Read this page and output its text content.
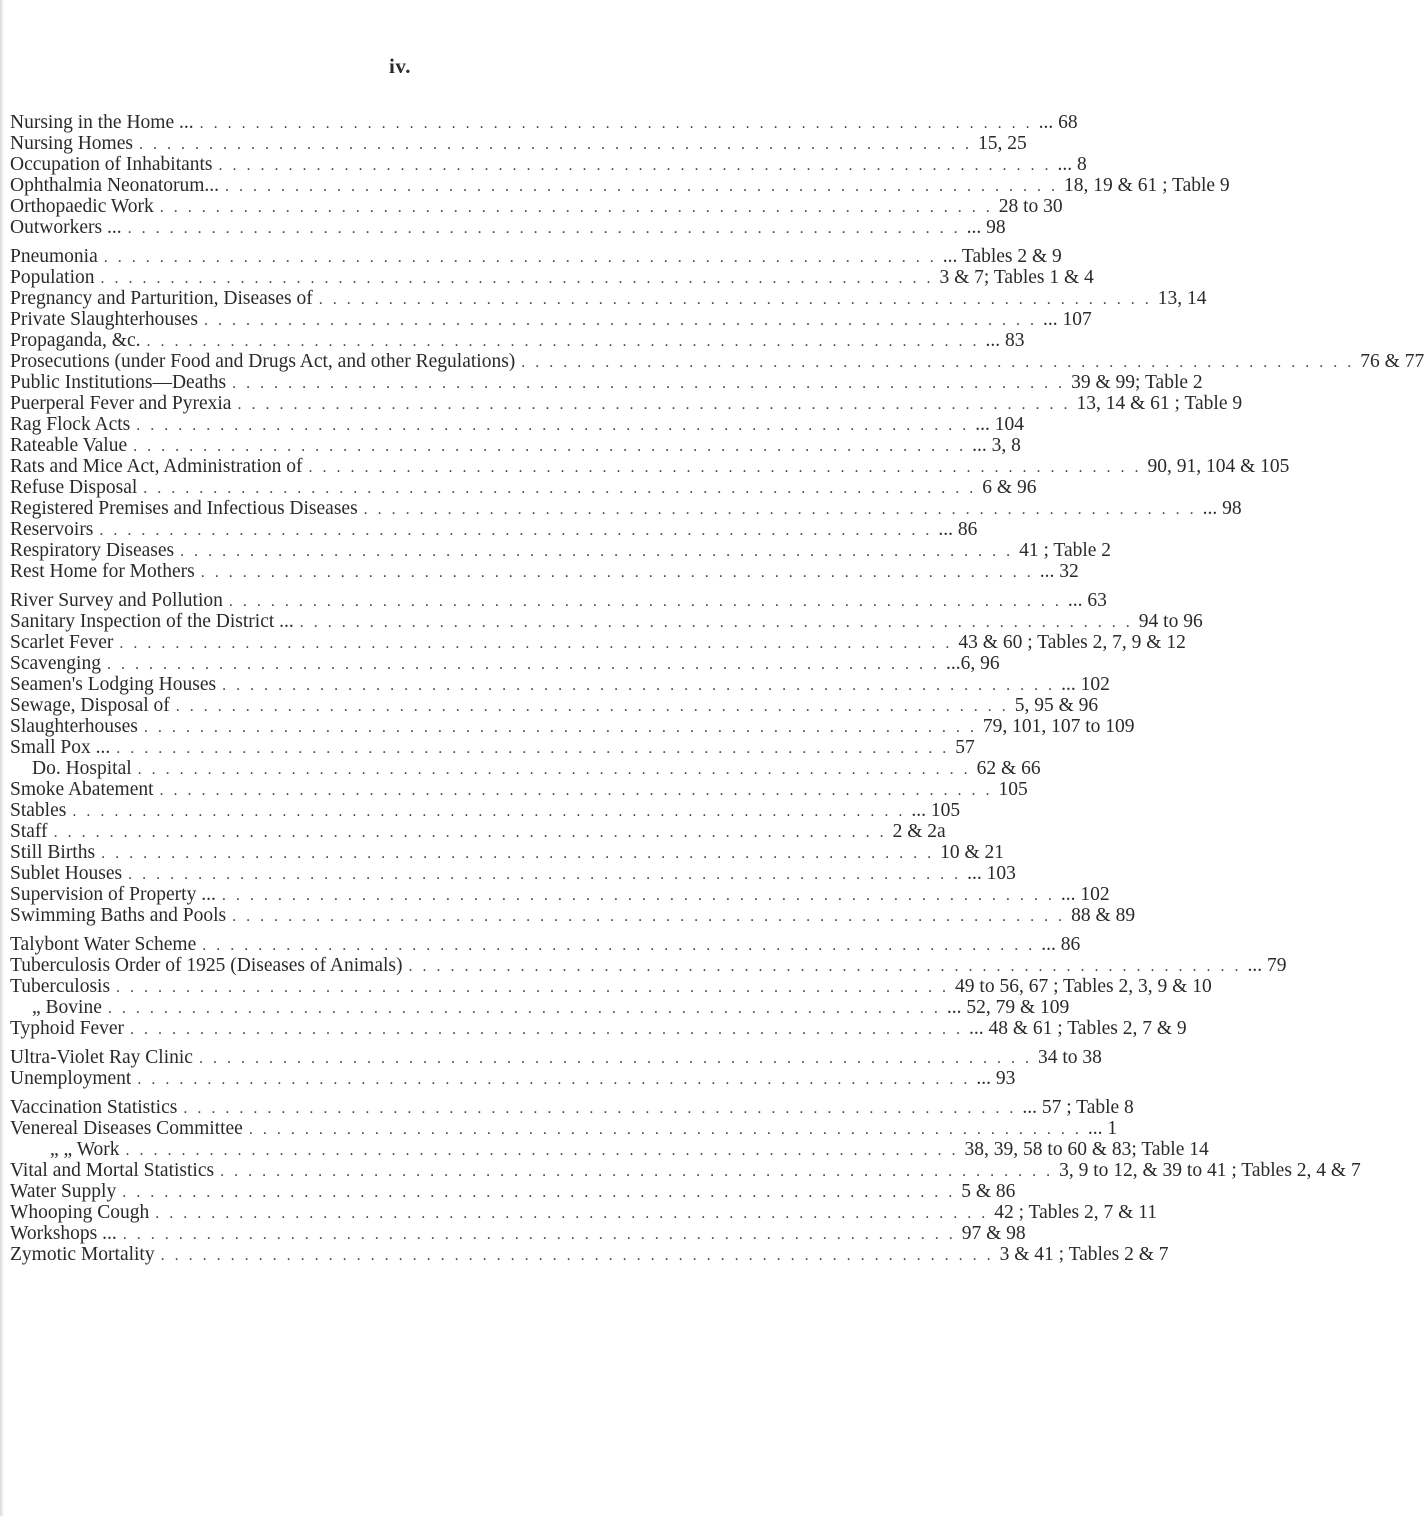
iv.
Nursing in the Home ... . . . . . . . . . . . . . . . . . . . . . . . . . . . . . . . . . . . . . . . . . . . . . . . . . . . . . . . . . . . . ... 68
Nursing Homes . . . . . . . . . . . . . . . . . . . . . . . . . . . . . . . . . . . . . . . . . . . . . . . . . . . . . . . . . . . . 15, 25
Occupation of Inhabitants . . . . . . . . . . . . . . . . . . . . . . . . . . . . . . . . . . . . . . . . . . . . . . . . . . . . . . . . . . . . ... 8
Ophthalmia Neonatorum... . . . . . . . . . . . . . . . . . . . . . . . . . . . . . . . . . . . . . . . . . . . . . . . . . . . . . . . . . . . . 18, 19 & 61 ; Table 9
Orthopaedic Work . . . . . . . . . . . . . . . . . . . . . . . . . . . . . . . . . . . . . . . . . . . . . . . . . . . . . . . . . . . . 28 to 30
Outworkers ... . . . . . . . . . . . . . . . . . . . . . . . . . . . . . . . . . . . . . . . . . . . . . . . . . . . . . . . . . . . . ... 98
Pneumonia . . . . . . . . . . . . . . . . . . . . . . . . . . . . . . . . . . . . . . . . . . . . . . . . . . . . . . . . . . . . ... Tables 2 & 9
Population . . . . . . . . . . . . . . . . . . . . . . . . . . . . . . . . . . . . . . . . . . . . . . . . . . . . . . . . . . . . 3 & 7; Tables 1 & 4
Pregnancy and Parturition, Diseases of . . . . . . . . . . . . . . . . . . . . . . . . . . . . . . . . . . . . . . . . . . . . . . . . . . . . . . . . . . . . 13, 14
Private Slaughterhouses . . . . . . . . . . . . . . . . . . . . . . . . . . . . . . . . . . . . . . . . . . . . . . . . . . . . . . . . . . . . ... 107
Propaganda, &c. . . . . . . . . . . . . . . . . . . . . . . . . . . . . . . . . . . . . . . . . . . . . . . . . . . . . . . . . . . . . ... 83
Prosecutions (under Food and Drugs Act, and other Regulations) . . . . . . . . . . . . . . . . . . . . . . . . . . . . . . . . . . . . . . . . . . . . . . . . . . . . . . . . . . . . 76 & 77
Public Institutions—Deaths . . . . . . . . . . . . . . . . . . . . . . . . . . . . . . . . . . . . . . . . . . . . . . . . . . . . . . . . . . . . 39 & 99; Table 2
Puerperal Fever and Pyrexia . . . . . . . . . . . . . . . . . . . . . . . . . . . . . . . . . . . . . . . . . . . . . . . . . . . . . . . . . . . . 13, 14 & 61 ; Table 9
Rag Flock Acts . . . . . . . . . . . . . . . . . . . . . . . . . . . . . . . . . . . . . . . . . . . . . . . . . . . . . . . . . . . . ... 104
Rateable Value . . . . . . . . . . . . . . . . . . . . . . . . . . . . . . . . . . . . . . . . . . . . . . . . . . . . . . . . . . . . ... 3, 8
Rats and Mice Act, Administration of . . . . . . . . . . . . . . . . . . . . . . . . . . . . . . . . . . . . . . . . . . . . . . . . . . . . . . . . . . . . 90, 91, 104 & 105
Refuse Disposal . . . . . . . . . . . . . . . . . . . . . . . . . . . . . . . . . . . . . . . . . . . . . . . . . . . . . . . . . . . . 6 & 96
Registered Premises and Infectious Diseases . . . . . . . . . . . . . . . . . . . . . . . . . . . . . . . . . . . . . . . . . . . . . . . . . . . . . . . . . . . . ... 98
Reservoirs . . . . . . . . . . . . . . . . . . . . . . . . . . . . . . . . . . . . . . . . . . . . . . . . . . . . . . . . . . . . ... 86
Respiratory Diseases . . . . . . . . . . . . . . . . . . . . . . . . . . . . . . . . . . . . . . . . . . . . . . . . . . . . . . . . . . . . 41 ; Table 2
Rest Home for Mothers . . . . . . . . . . . . . . . . . . . . . . . . . . . . . . . . . . . . . . . . . . . . . . . . . . . . . . . . . . . . ... 32
River Survey and Pollution . . . . . . . . . . . . . . . . . . . . . . . . . . . . . . . . . . . . . . . . . . . . . . . . . . . . . . . . . . . . ... 63
Sanitary Inspection of the District ... . . . . . . . . . . . . . . . . . . . . . . . . . . . . . . . . . . . . . . . . . . . . . . . . . . . . . . . . . . . . 94 to 96
Scarlet Fever . . . . . . . . . . . . . . . . . . . . . . . . . . . . . . . . . . . . . . . . . . . . . . . . . . . . . . . . . . . . 43 & 60 ; Tables 2, 7, 9 & 12
Scavenging . . . . . . . . . . . . . . . . . . . . . . . . . . . . . . . . . . . . . . . . . . . . . . . . . . . . . . . . . . . . ...6, 96
Seamen's Lodging Houses . . . . . . . . . . . . . . . . . . . . . . . . . . . . . . . . . . . . . . . . . . . . . . . . . . . . . . . . . . . . ... 102
Sewage, Disposal of . . . . . . . . . . . . . . . . . . . . . . . . . . . . . . . . . . . . . . . . . . . . . . . . . . . . . . . . . . . . 5, 95 & 96
Slaughterhouses . . . . . . . . . . . . . . . . . . . . . . . . . . . . . . . . . . . . . . . . . . . . . . . . . . . . . . . . . . . . 79, 101, 107 to 109
Small Pox ... . . . . . . . . . . . . . . . . . . . . . . . . . . . . . . . . . . . . . . . . . . . . . . . . . . . . . . . . . . . . 57
Do. Hospital . . . . . . . . . . . . . . . . . . . . . . . . . . . . . . . . . . . . . . . . . . . . . . . . . . . . . . . . . . . . 62 & 66
Smoke Abatement . . . . . . . . . . . . . . . . . . . . . . . . . . . . . . . . . . . . . . . . . . . . . . . . . . . . . . . . . . . . 105
Stables . . . . . . . . . . . . . . . . . . . . . . . . . . . . . . . . . . . . . . . . . . . . . . . . . . . . . . . . . . . . ... 105
Staff . . . . . . . . . . . . . . . . . . . . . . . . . . . . . . . . . . . . . . . . . . . . . . . . . . . . . . . . . . . . 2 & 2a
Still Births . . . . . . . . . . . . . . . . . . . . . . . . . . . . . . . . . . . . . . . . . . . . . . . . . . . . . . . . . . . . 10 & 21
Sublet Houses . . . . . . . . . . . . . . . . . . . . . . . . . . . . . . . . . . . . . . . . . . . . . . . . . . . . . . . . . . . . ... 103
Supervision of Property ... . . . . . . . . . . . . . . . . . . . . . . . . . . . . . . . . . . . . . . . . . . . . . . . . . . . . . . . . . . . . ... 102
Swimming Baths and Pools . . . . . . . . . . . . . . . . . . . . . . . . . . . . . . . . . . . . . . . . . . . . . . . . . . . . . . . . . . . . 88 & 89
Talybont Water Scheme . . . . . . . . . . . . . . . . . . . . . . . . . . . . . . . . . . . . . . . . . . . . . . . . . . . . . . . . . . . . ... 86
Tuberculosis Order of 1925 (Diseases of Animals) . . . . . . . . . . . . . . . . . . . . . . . . . . . . . . . . . . . . . . . . . . . . . . . . . . . . . . . . . . . . ... 79
Tuberculosis . . . . . . . . . . . . . . . . . . . . . . . . . . . . . . . . . . . . . . . . . . . . . . . . . . . . . . . . . . . . 49 to 56, 67 ; Tables 2, 3, 9 & 10
„ Bovine . . . . . . . . . . . . . . . . . . . . . . . . . . . . . . . . . . . . . . . . . . . . . . . . . . . . . . . . . . . . ... 52, 79 & 109
Typhoid Fever . . . . . . . . . . . . . . . . . . . . . . . . . . . . . . . . . . . . . . . . . . . . . . . . . . . . . . . . . . . . ... 48 & 61 ; Tables 2, 7 & 9
Ultra-Violet Ray Clinic . . . . . . . . . . . . . . . . . . . . . . . . . . . . . . . . . . . . . . . . . . . . . . . . . . . . . . . . . . . . 34 to 38
Unemployment . . . . . . . . . . . . . . . . . . . . . . . . . . . . . . . . . . . . . . . . . . . . . . . . . . . . . . . . . . . . ... 93
Vaccination Statistics . . . . . . . . . . . . . . . . . . . . . . . . . . . . . . . . . . . . . . . . . . . . . . . . . . . . . . . . . . . . ... 57 ; Table 8
Venereal Diseases Committee . . . . . . . . . . . . . . . . . . . . . . . . . . . . . . . . . . . . . . . . . . . . . . . . . . . . . . . . . . . . ... 1
„ „ Work . . . . . . . . . . . . . . . . . . . . . . . . . . . . . . . . . . . . . . . . . . . . . . . . . . . . . . . . . . . . 38, 39, 58 to 60 & 83; Table 14
Vital and Mortal Statistics . . . . . . . . . . . . . . . . . . . . . . . . . . . . . . . . . . . . . . . . . . . . . . . . . . . . . . . . . . . . 3, 9 to 12, & 39 to 41 ; Tables 2, 4 & 7
Water Supply . . . . . . . . . . . . . . . . . . . . . . . . . . . . . . . . . . . . . . . . . . . . . . . . . . . . . . . . . . . . 5 & 86
Whooping Cough . . . . . . . . . . . . . . . . . . . . . . . . . . . . . . . . . . . . . . . . . . . . . . . . . . . . . . . . . . . . 42 ; Tables 2, 7 & 11
Workshops ... . . . . . . . . . . . . . . . . . . . . . . . . . . . . . . . . . . . . . . . . . . . . . . . . . . . . . . . . . . . . 97 & 98
Zymotic Mortality . . . . . . . . . . . . . . . . . . . . . . . . . . . . . . . . . . . . . . . . . . . . . . . . . . . . . . . . . . . . 3 & 41 ; Tables 2 & 7
